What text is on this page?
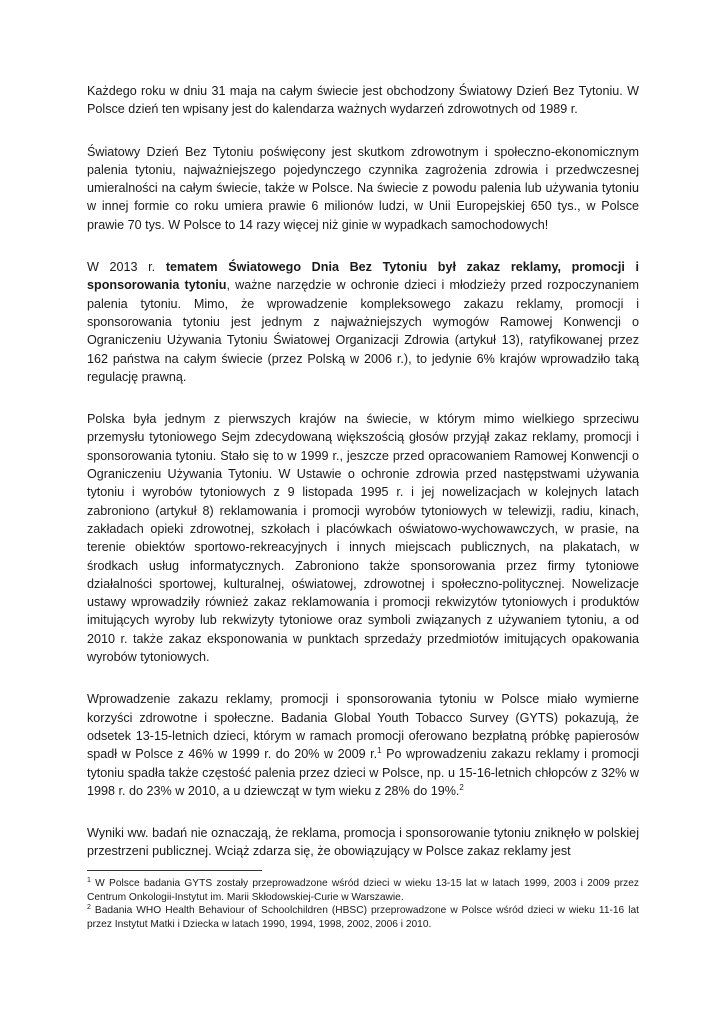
Każdego roku w dniu 31 maja na całym świecie jest obchodzony Światowy Dzień Bez Tytoniu. W Polsce dzień ten wpisany jest do kalendarza ważnych wydarzeń zdrowotnych od 1989 r.

Światowy Dzień Bez Tytoniu poświęcony jest skutkom zdrowotnym i społeczno-ekonomicznym palenia tytoniu, najważniejszego pojedynczego czynnika zagrożenia zdrowia i przedwczesnej umieralności na całym świecie, także w Polsce. Na świecie z powodu palenia lub używania tytoniu w innej formie co roku umiera prawie 6 milionów ludzi, w Unii Europejskiej 650 tys., w Polsce prawie 70 tys. W Polsce to 14 razy więcej niż ginie w wypadkach samochodowych!

W 2013 r. tematem Światowego Dnia Bez Tytoniu był zakaz reklamy, promocji i sponsorowania tytoniu, ważne narzędzie w ochronie dzieci i młodzieży przed rozpoczynaniem palenia tytoniu. Mimo, że wprowadzenie kompleksowego zakazu reklamy, promocji i sponsorowania tytoniu jest jednym z najważniejszych wymogów Ramowej Konwencji o Ograniczeniu Używania Tytoniu Światowej Organizacji Zdrowia (artykuł 13), ratyfikowanej przez 162 państwa na całym świecie (przez Polską w 2006 r.), to jedynie 6% krajów wprowadziło taką regulację prawną.

Polska była jednym z pierwszych krajów na świecie, w którym mimo wielkiego sprzeciwu przemysłu tytoniowego Sejm zdecydowaną większością głosów przyjął zakaz reklamy, promocji i sponsorowania tytoniu. Stało się to w 1999 r., jeszcze przed opracowaniem Ramowej Konwencji o Ograniczeniu Używania Tytoniu. W Ustawie o ochronie zdrowia przed następstwami używania tytoniu i wyrobów tytoniowych z 9 listopada 1995 r. i jej nowelizacjach w kolejnych latach zabroniono (artykuł 8) reklamowania i promocji wyrobów tytoniowych w telewizji, radiu, kinach, zakładach opieki zdrowotnej, szkołach i placówkach oświatowo-wychowawczych, w prasie, na terenie obiektów sportowo-rekreacyjnych i innych miejscach publicznych, na plakatach, w środkach usług informatycznych. Zabroniono także sponsorowania przez firmy tytoniowe działalności sportowej, kulturalnej, oświatowej, zdrowotnej i społeczno-politycznej. Nowelizacje ustawy wprowadziły również zakaz reklamowania i promocji rekwizytów tytoniowych i produktów imitujących wyroby lub rekwizyty tytoniowe oraz symboli związanych z używaniem tytoniu, a od 2010 r. także zakaz eksponowania w punktach sprzedaży przedmiotów imitujących opakowania wyrobów tytoniowych.

Wprowadzenie zakazu reklamy, promocji i sponsorowania tytoniu w Polsce miało wymierne korzyści zdrowotne i społeczne. Badania Global Youth Tobacco Survey (GYTS) pokazują, że odsetek 13-15-letnich dzieci, którym w ramach promocji oferowano bezpłatną próbkę papierosów spadł w Polsce z 46% w 1999 r. do 20% w 2009 r.$^1$ Po wprowadzeniu zakazu reklamy i promocji tytoniu spadła także częstość palenia przez dzieci w Polsce, np. u 15-16-letnich chłopców z 32% w 1998 r. do 23% w 2010, a u dziewcząt w tym wieku z 28% do 19%.$^2$

Wyniki ww. badań nie oznaczają, że reklama, promocja i sponsorowanie tytoniu zniknęło w polskiej przestrzeni publicznej. Wciąż zdarza się, że obowiązujący w Polsce zakaz reklamy jest

$^1$ W Polsce badania GYTS zostały przeprowadzone wśród dzieci w wieku 13-15 lat w latach 1999, 2003 i 2009 przez Centrum Onkologii-Instytut im. Marii Skłodowskiej-Curie w Warszawie.

$^2$ Badania WHO Health Behaviour of Schoolchildren (HBSC) przeprowadzone w Polsce wśród dzieci w wieku 11-16 lat przez Instytut Matki i Dziecka w latach 1990, 1994, 1998, 2002, 2006 i 2010.
